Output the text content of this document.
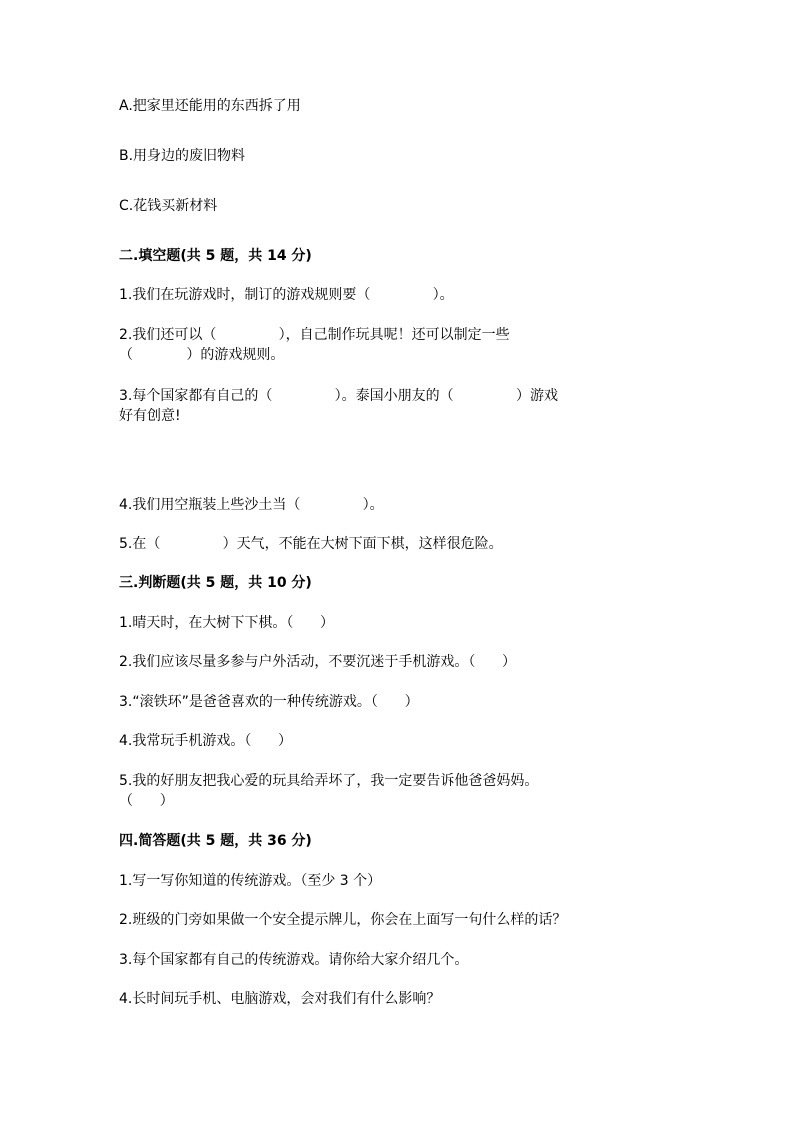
A.把家里还能用的东西拆了用
B.用身边的废旧物料
C.花钱买新材料
二.填空题(共 5 题，共 14 分)
1.我们在玩游戏时，制订的游戏规则要（              ）。
2.我们还可以（              ），自己制作玩具呢！还可以制定一些
（            ）的游戏规则。
3.每个国家都有自己的（              ）。泰国小朋友的（              ）游戏
好有创意!
4.我们用空瓶装上些沙土当（              ）。
5.在（              ）天气，不能在大树下面下棋，这样很危险。
三.判断题(共 5 题，共 10 分)
1.晴天时，在大树下下棋。（      ）
2.我们应该尽量多参与户外活动，不要沉迷于手机游戏。（      ）
3.“滚铁环”是爸爸喜欢的一种传统游戏。（      ）
4.我常玩手机游戏。（      ）
5.我的好朋友把我心爱的玩具给弄坏了，我一定要告诉他爸爸妈妈。
（      ）
四.简答题(共 5 题，共 36 分)
1.写一写你知道的传统游戏。（至少 3 个）
2.班级的门旁如果做一个安全提示牌儿，你会在上面写一句什么样的话？
3.每个国家都有自己的传统游戏。请你给大家介绍几个。
4.长时间玩手机、电脑游戏，会对我们有什么影响？
